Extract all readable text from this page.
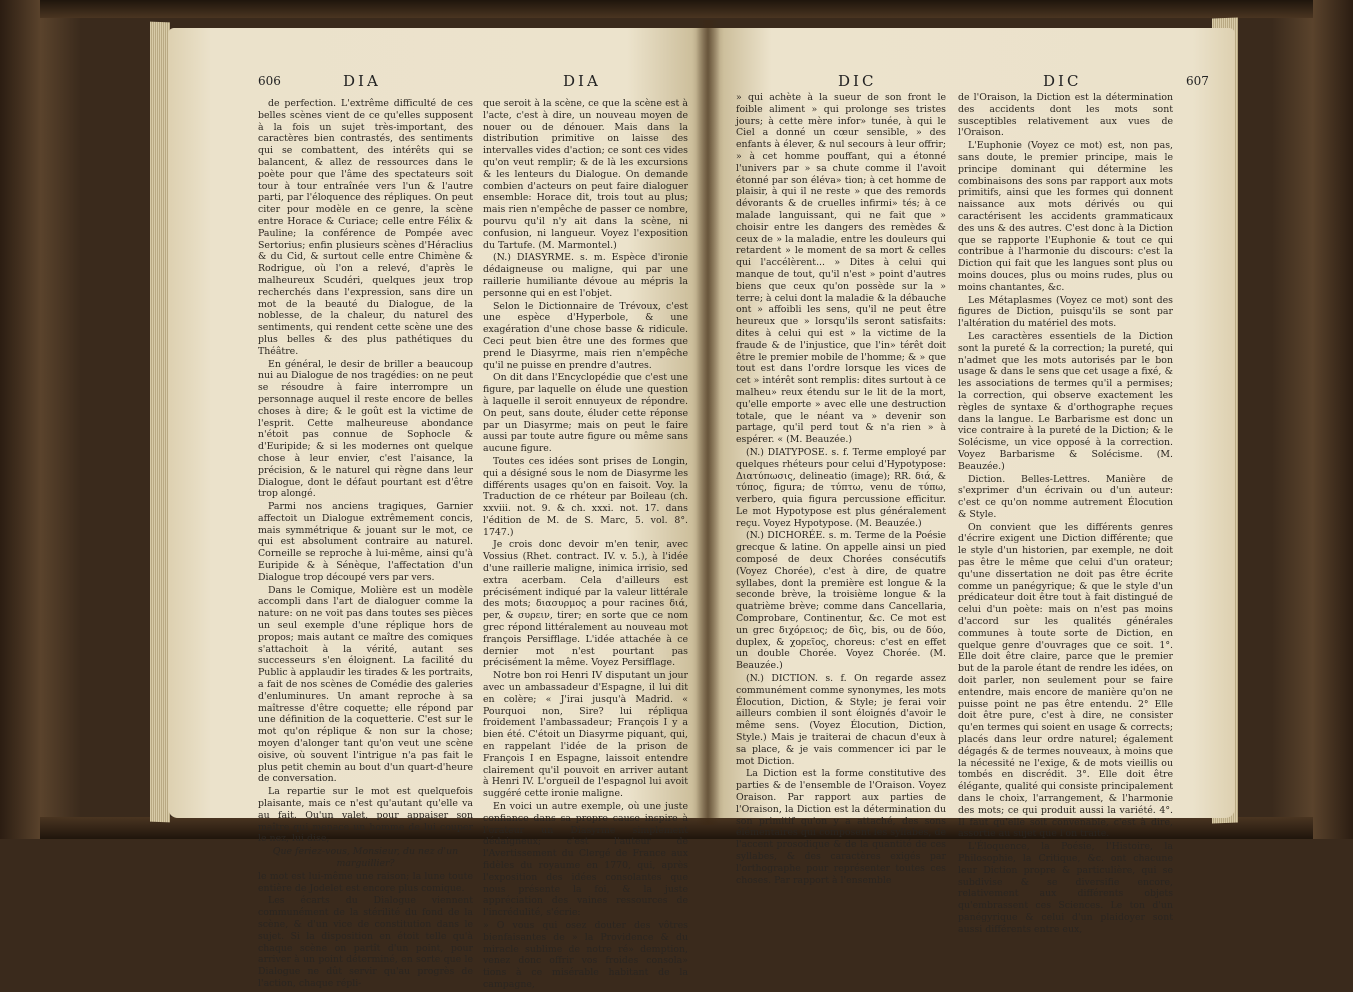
606	DIA	DIA

de perfection. L'extrême difficulté de ces belles scènes vient de ce qu'elles supposent à la fois un sujet très-important, des caractères bien contrastés, des sentiments qui se combattent, des intérêts qui se balancent, & allez de ressources dans le poète pour que l'âme des spectateurs soit tour à tour entraînée vers l'un & l'autre parti, par l'éloquence des répliques. On peut citer pour modèle en ce genre, la scène entre Horace & Curiace; celle entre Félix & Pauline; la conférence de Pompée avec Sertorius; enfin plusieurs scènes d'Héraclius & du Cid, & surtout celle entre Chimène & Rodrigue, où l'on a relevé, d'après le malheureux Scudéri, quelques jeux trop recherchés dans l'expression, sans dire un mot de la beauté du Dialogue, de la noblesse, de la chaleur, du naturel des sentiments, qui rendent cette scène une des plus belles & des plus pathétiques du Théâtre.

En général, le desir de briller a beaucoup nui au Dialogue de nos tragédies: on ne peut se résoudre à faire interrompre un personnage auquel il reste encore de belles choses à dire; & le goût est la victime de l'esprit. Cette malheureuse abondance n'étoit pas connue de Sophocle & d'Euripide; & si les modernes ont quelque chose à leur envier, c'est l'aisance, la précision, & le naturel qui règne dans leur Dialogue, dont le défaut pourtant est d'être trop alongé.

Parmi nos anciens tragiques, Garnier affectoit un Dialogue extrêmement concis, mais symmétrique & jouant sur le mot, ce qui est absolument contraire au naturel. Corneille se reproche à lui-même, ainsi qu'à Euripide & à Sénèque, l'affectation d'un Dialogue trop découpé vers par vers.

Dans le Comique, Molière est un modèle accompli dans l'art de dialoguer comme la nature: on ne voit pas dans toutes ses pièces un seul exemple d'une réplique hors de propos; mais autant ce maître des comiques s'attachoit à la vérité, autant ses successeurs s'en éloignent. La facilité du Public à applaudir les tirades & les portraits, a fait de nos scènes de Comédie des galeries d'enluminures. Un amant reproche à sa maîtresse d'être coquette; elle répond par une définition de la coquetterie. C'est sur le mot qu'on réplique & non sur la chose; moyen d'alonger tant qu'on veut une scène oisive, où souvent l'intrigue n'a pas fait le plus petit chemin au bout d'un quart-d'heure de conversation.

La repartie sur le mot est quelquefois plaisante, mais ce n'est qu'autant qu'elle va au fait. Qu'un valet, pour appaiser son maître qui menace un homme de lui couper le nez, lui dise,

Que feriez-vous, Monsieur, du nez d'un marguillier?

le mot est lui-même une raison; la lune toute entière de Jodelet est encore plus comique.

Les écarts du Dialogue viennent communément de la stérilité du fond de la scène, & d'un vice de constitution dans le sujet. Si la disposition en étoit telle qu'à chaque scène on partît d'un point, pour arriver à un point déterminé, en sorte que le Dialogue ne dût servir qu'au progrès de l'action, chaque répli-

que seroit à la scène, ce que la scène est à l'acte, c'est à dire, un nouveau moyen de nouer ou de dénouer. Mais dans la distribution primitive on laisse des intervalles vides d'action; ce sont ces vides qu'on veut remplir; & de là les excursions & les lenteurs du Dialogue. On demande combien d'acteurs on peut faire dialoguer ensemble: Horace dit, trois tout au plus; mais rien n'empêche de passer ce nombre, pourvu qu'il n'y ait dans la scène, ni confusion, ni langueur. Voyez l'exposition du Tartufe. (M. Marmontel.)

(N.) DIASYRME. s. m. Espèce d'ironie dédaigneuse ou maligne, qui par une raillerie humiliante dévoue au mépris la personne qui en est l'objet.

Selon le Dictionnaire de Trévoux, c'est une espèce d'Hyperbole, & une exagération d'une chose basse & ridicule. Ceci peut bien être une des formes que prend le Diasyrme, mais rien n'empêche qu'il ne puisse en prendre d'autres.

On dit dans l'Encyclopédie que c'est une figure, par laquelle on élude une question à laquelle il seroit ennuyeux de répondre. On peut, sans doute, éluder cette réponse par un Diasyrme; mais on peut le faire aussi par toute autre figure ou même sans aucune figure.

Toutes ces idées sont prises de Longin, qui a désigné sous le nom de Diasyrme les différents usages qu'on en faisoit. Voy. la Traduction de ce rhéteur par Boileau (ch. xxviii. not. 9. & ch. xxxi. not. 17. dans l'édition de M. de S. Marc, 5. vol. 8°. 1747.)

Je crois donc devoir m'en tenir, avec Vossius (Rhet. contract. IV. v. 5.), à l'idée d'une raillerie maligne, inimica irrisio, sed extra acerbam. Cela d'ailleurs est précisément indiqué par la valeur littérale des mots; διασυρμος a pour racines διά, per, & συρειν, tirer; en sorte que ce nom grec répond littéralement au nouveau mot françois Persifflage. L'idée attachée à ce dernier mot n'est pourtant pas précisément la même. Voyez Persifflage.

Notre bon roi Henri IV disputant un jour avec un ambassadeur d'Espagne, il lui dit en colère; « J'irai jusqu'à Madrid. « Pourquoi non, Sire? lui répliqua froidement l'ambassadeur; François I y a bien été. C'étoit un Diasyrme piquant, qui, en rappelant l'idée de la prison de François I en Espagne, laissoit entendre clairement qu'il pouvoit en arriver autant à Henri IV. L'orgueil de l'espagnol lui avoit suggéré cette ironie maligne.

En voici un autre exemple, où une juste confiance dans sa propre cause inspire à l'orateur un Diasyrme simplement dédaigneux; c'est l'auteur de l'Avertissement du Clergé de France aux fidèles du royaume en 1770, qui, après l'exposition des idées consolantes que nous présente la foi, & la juste appréciation des vaines ressources de l'incrédulité, s'écrie:

» O vous qui osez douter des vôtres bienfaisantes de » la Providence & du miracle sublime de notre ré» demption, venez donc offrir vos froides consola» tions à ce misérable habitant de la campagne,

DIC	DIC	607

» qui achète à la sueur de son front le foible aliment » qui prolonge ses tristes jours; à cette mère infor» tunée, à qui le Ciel a donné un cœur sensible, » des enfants à élever, & nul secours à leur offrir; » à cet homme pouffant, qui a étonné l'univers par » sa chute comme il l'avoit étonné par son éléva» tion; à cet homme de plaisir, à qui il ne reste » que des remords dévorants & de cruelles infirmi» tés; à ce malade languissant, qui ne fait que » choisir entre les dangers des remèdes & ceux de » la maladie, entre les douleurs qui retardent » le moment de sa mort & celles qui l'accélèrent... » Dites à celui qui manque de tout, qu'il n'est » point d'autres biens que ceux qu'on possède sur la » terre; à celui dont la maladie & la débauche ont » affoibli les sens, qu'il ne peut être heureux que » lorsqu'ils seront satisfaits: dites à celui qui est » la victime de la fraude & de l'injustice, que l'in» térêt doit être le premier mobile de l'homme; & » que tout est dans l'ordre lorsque les vices de cet » intérêt sont remplis: dites surtout à ce malheu» reux étendu sur le lit de la mort, qu'elle emporte » avec elle une destruction totale, que le néant va » devenir son partage, qu'il perd tout & n'a rien » à espérer. « (M. Beauzée.)

(N.) DIATYPOSE. s. f. Terme employé par quelques rhéteurs pour celui d'Hypotypose: Διατύπωσις, delineatio (image); RR. διά, & τύπος, figura; de τύπτω, venu de τύπω, verbero, quia figura percussione efficitur. Le mot Hypotypose est plus généralement reçu. Voyez Hypotypose. (M. Beauzée.)

(N.) DICHORÉE. s. m. Terme de la Poésie grecque & latine. On appelle ainsi un pied composé de deux Chorées consécutifs (Voyez Chorée), c'est à dire, de quatre syllabes, dont la première est longue & la seconde brève, la troisième longue & la quatrième brève; comme dans Cancellaria, Comprobare, Continentur, &c. Ce mot est un grec διχόρειος; de δὶς, bis, ou de δύο, duplex, & χορεῖος, choreus: c'est en effet un double Chorée. Voyez Chorée. (M. Beauzée.)

(N.) DICTION. s. f. On regarde assez communément comme synonymes, les mots Élocution, Diction, & Style; je ferai voir ailleurs combien il sont éloignés d'avoir le même sens. (Voyez Élocution, Diction, Style.) Mais je traiterai de chacun d'eux à sa place, & je vais commencer ici par le mot Diction.

La Diction est la forme constitutive des parties & de l'ensemble de l'Oraison. Voyez Oraison. Par rapport aux parties de l'Oraison, la Diction est la détermination du son primitif qu'on y a attaché, des sons élémentaires qui composent les syllabes, de l'accent prosodique & de la quantité de ces syllabes, & des caractères exigés par l'orthographe pour représenter toutes ces choses. Par rapport à l'ensemble

de l'Oraison, la Diction est la détermination des accidents dont les mots sont susceptibles relativement aux vues de l'Oraison.

L'Euphonie (Voyez ce mot) est, non pas, sans doute, le premier principe, mais le principe dominant qui détermine les combinaisons des sons par rapport aux mots primitifs, ainsi que les formes qui donnent naissance aux mots dérivés ou qui caractérisent les accidents grammaticaux des uns & des autres. C'est donc à la Diction que se rapporte l'Euphonie & tout ce qui contribue à l'harmonie du discours: c'est la Diction qui fait que les langues sont plus ou moins douces, plus ou moins rudes, plus ou moins chantantes, &c.

Les Métaplasmes (Voyez ce mot) sont des figures de Diction, puisqu'ils se sont par l'altération du matériel des mots.

Les caractères essentiels de la Diction sont la pureté & la correction; la pureté, qui n'admet que les mots autorisés par le bon usage & dans le sens que cet usage a fixé, & les associations de termes qu'il a permises; la correction, qui observe exactement les règles de syntaxe & d'orthographe reçues dans la langue. Le Barbarisme est donc un vice contraire à la pureté de la Diction; & le Solécisme, un vice opposé à la correction. Voyez Barbarisme & Solécisme. (M. Beauzée.)

Diction. Belles-Lettres. Manière de s'exprimer d'un écrivain ou d'un auteur: c'est ce qu'on nomme autrement Élocution & Style.

On convient que les différents genres d'écrire exigent une Diction différente; que le style d'un historien, par exemple, ne doit pas être le même que celui d'un orateur; qu'une dissertation ne doit pas être écrite comme un panégyrique; & que le style d'un prédicateur doit être tout à fait distingué de celui d'un poète: mais on n'est pas moins d'accord sur les qualités générales communes à toute sorte de Diction, en quelque genre d'ouvrages que ce soit. 1°. Elle doit être claire, parce que le premier but de la parole étant de rendre les idées, on doit parler, non seulement pour se faire entendre, mais encore de manière qu'on ne puisse point ne pas être entendu. 2° Elle doit être pure, c'est à dire, ne consister qu'en termes qui soient en usage & corrects; placés dans leur ordre naturel; également dégagés & de termes nouveaux, à moins que la nécessité ne l'exige, & de mots vieillis ou tombés en discrédit. 3°. Elle doit être élégante, qualité qui consiste principalement dans le choix, l'arrangement, & l'harmonie des mots; ce qui produit aussi la variété. 4°. Il faut qu'elle soit convenable, c'est à dire, assortie au sujet que l'on traite.

L'Éloquence, la Poésie, l'Histoire, la Philosophie, la Critique, &c. ont chacune leur Diction propre & particulière, qui se subdivise & se diversifie encore, relativement aux différents objets qu'embrassent ces Sciences. Le ton d'un panégyrique & celui d'un plaidoyer sont aussi différents entre eux,
